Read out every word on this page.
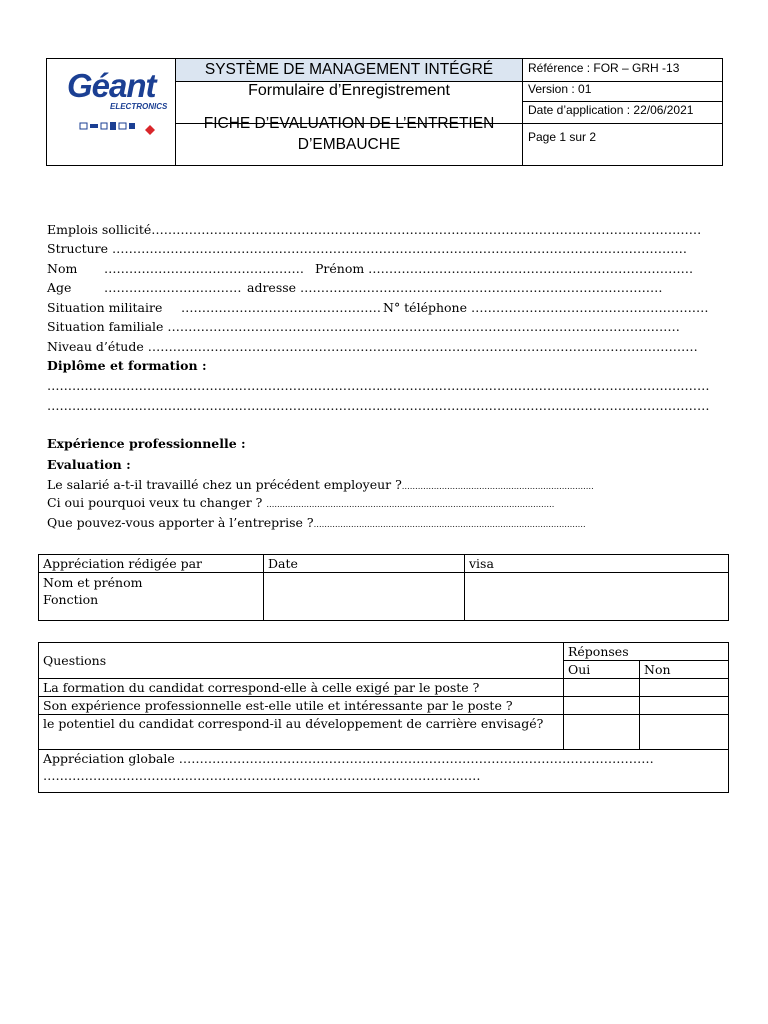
Géant
ELECTRONICS
SYSTÈME DE MANAGEMENT INTÉGRÉ
Formulaire d’Enregistrement
FICHE D’EVALUATION DE L’ENTRETIEN
D’EMBAUCHE
Référence : FOR – GRH -13
Version : 01
Date d’application : 22/06/2021
Page 1 sur 2
Emplois sollicité……………………………………………………………………………………………………………………
Structure …………………………………………………………………………………………………………………………
Nom ………………………………………… Prénom ……………………………………………………………………
Age	…………………………… adresse ……………………………………………………………………………
Situation militaire ………………………………………… N° téléphone …………………………………………………
Situation familiale ……………………………………………………………………………………………………………
Niveau d’étude ……………………………………………………………………………………………………………………
Diplôme et formation :
……………………………………………………………………………………………………………………………………………
……………………………………………………………………………………………………………………………………………
Expérience professionnelle :
Evaluation :
Le salarié a-t-il travaillé chez un précédent employeur ?………………………………………………………………
Ci oui pourquoi veux tu changer ? ………………………………………………………………………………………………
Que pouvez-vous apporter à l’entreprise ?…………………………………………………………………………………………
Appréciation rédigée par	Date	visa

Nom et prénom
Fonction		

Questions	Réponses	
	Oui	Non
La formation du candidat correspond-elle à celle exigé par le poste ?		
Son expérience professionnelle est-elle utile et intéressante par le poste ?		
le potentiel du candidat correspond-il au développement de carrière envisagé?		

Appréciation globale ……………………………………………………………………………………………………
……………………………………………………………………………………………		
